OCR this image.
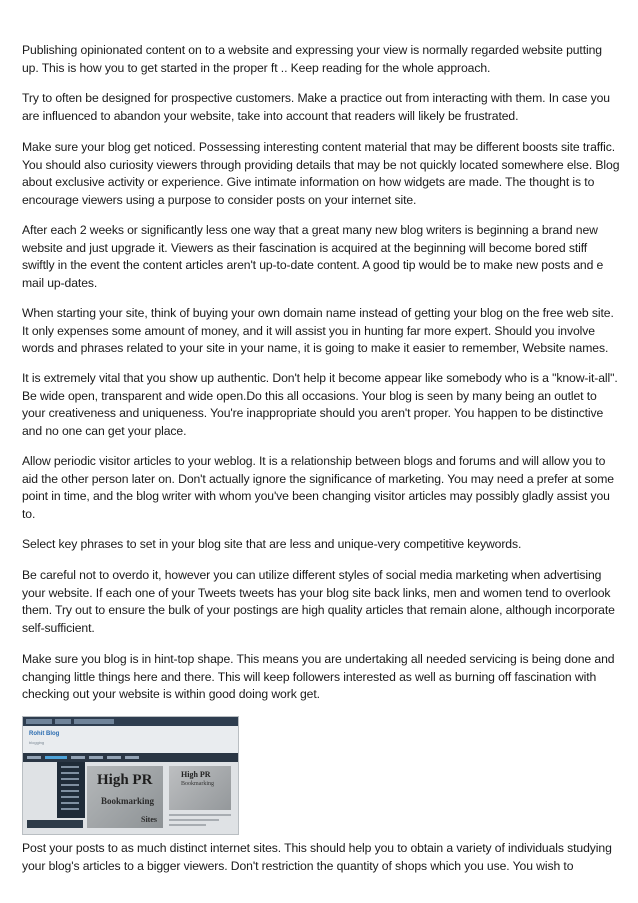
Publishing opinionated content on to a website and expressing your view is normally regarded website putting up. This is how you to get started in the proper ft .. Keep reading for the whole approach.

Try to often be designed for prospective customers. Make a practice out from interacting with them. In case you are influenced to abandon your website, take into account that readers will likely be frustrated.

Make sure your blog get noticed. Possessing interesting content material that may be different boosts site traffic. You should also curiosity viewers through providing details that may be not quickly located somewhere else. Blog about exclusive activity or experience. Give intimate information on how widgets are made. The thought is to encourage viewers using a purpose to consider posts on your internet site.

After each 2 weeks or significantly less one way that a great many new blog writers is beginning a brand new website and just upgrade it. Viewers as their fascination is acquired at the beginning will become bored stiff swiftly in the event the content articles aren't up-to-date content. A good tip would be to make new posts and e mail up-dates.

When starting your site, think of buying your own domain name instead of getting your blog on the free web site. It only expenses some amount of money, and it will assist you in hunting far more expert. Should you involve words and phrases related to your site in your name, it is going to make it easier to remember, Website names.

It is extremely vital that you show up authentic. Don't help it become appear like somebody who is a "know-it-all". Be wide open, transparent and wide open.Do this all occasions. Your blog is seen by many being an outlet to your creativeness and uniqueness. You're inappropriate should you aren't proper. You happen to be distinctive and no one can get your place.

Allow periodic visitor articles to your weblog. It is a relationship between blogs and forums and will allow you to aid the other person later on. Don't actually ignore the significance of marketing. You may need a prefer at some point in time, and the blog writer with whom you've been changing visitor articles may possibly gladly assist you to.

Select key phrases to set in your blog site that are less and unique-very competitive keywords.

Be careful not to overdo it, however you can utilize different styles of social media marketing when advertising your website. If each one of your Tweets tweets has your blog site back links, men and women tend to overlook them. Try out to ensure the bulk of your postings are high quality articles that remain alone, although incorporate self-sufficient.

Make sure you blog is in hint-top shape. This means you are undertaking all needed servicing is being done and changing little things here and there. This will keep followers interested as well as burning off fascination with checking out your website is within good doing work get.

Rohit Blog
blogging
High PR
Bookmarking
Sites
High PR
Bookmarking

Post your posts to as much distinct internet sites. This should help you to obtain a variety of individuals studying your blog's articles to a bigger viewers. Don't restriction the quantity of shops which you use. You wish to
